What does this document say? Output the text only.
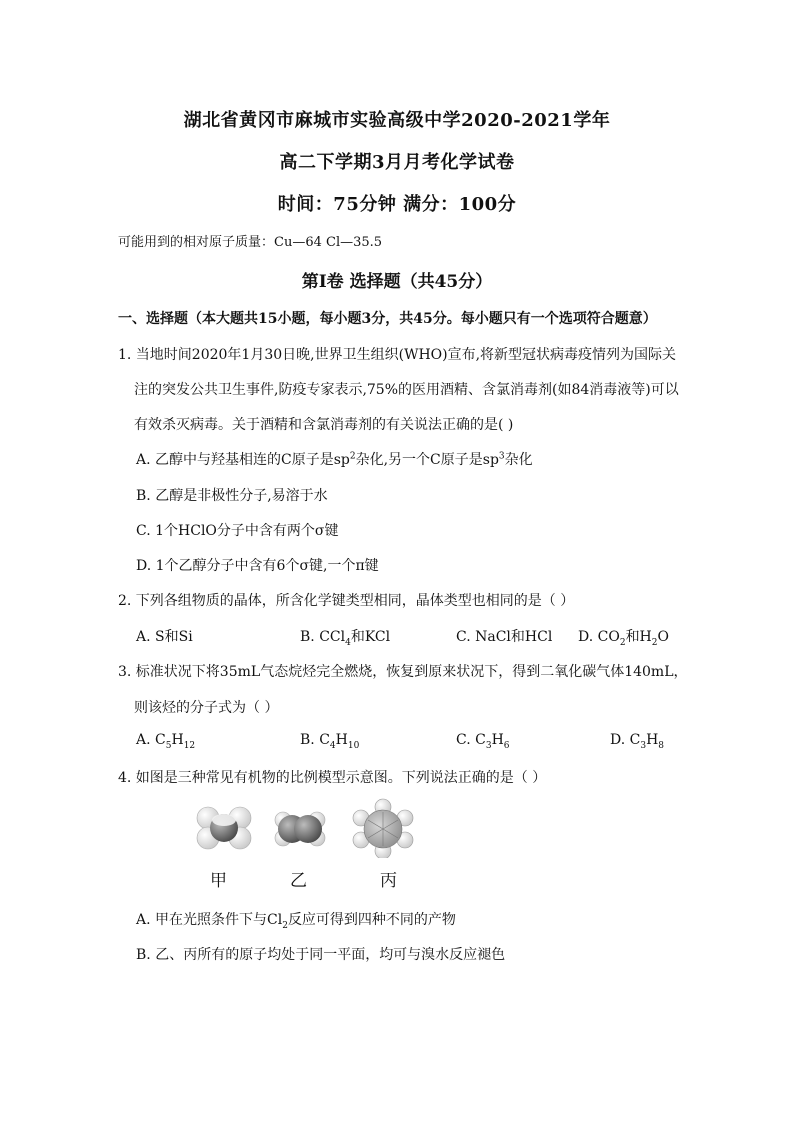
湖北省黄冈市麻城市实验高级中学2020-2021学年
高二下学期3月月考化学试卷
时间：75分钟 满分：100分
可能用到的相对原子质量：Cu—64 Cl—35.5
第Ⅰ卷 选择题（共45分）
一、选择题（本大题共15小题，每小题3分，共45分。每小题只有一个选项符合题意）
1. 当地时间2020年1月30日晚,世界卫生组织(WHO)宣布,将新型冠状病毒疫情列为国际关
注的突发公共卫生事件,防疫专家表示,75%的医用酒精、含氯消毒剂(如84消毒液等)可以
有效杀灭病毒。关于酒精和含氯消毒剂的有关说法正确的是( )
A. 乙醇中与羟基相连的C原子是$sp^2$杂化,另一个C原子是$sp^3$杂化
B. 乙醇是非极性分子,易溶于水
C. 1个HClO分子中含有两个σ键
D. 1个乙醇分子中含有6个σ键,一个π键
2. 下列各组物质的晶体，所含化学键类型相同，晶体类型也相同的是（ ）
A. S和Si	B. CCl$_4$和KCl	C. NaCl和HCl D. $CO_2$和$H_2O$
3. 标准状况下将35mL气态烷烃完全燃烧，恢复到原来状况下，得到二氧化碳气体140mL，
则该烃的分子式为（ ）
A. $C_5H_{12}$	B. $C_4H_{10}$	C. $C_3H_6$	D. $C_3H_8$
4. 如图是三种常见有机物的比例模型示意图。下列说法正确的是（ ）
甲	乙	丙
A. 甲在光照条件下与$Cl_2$反应可得到四种不同的产物
B. 乙、丙所有的原子均处于同一平面，均可与溴水反应褪色
